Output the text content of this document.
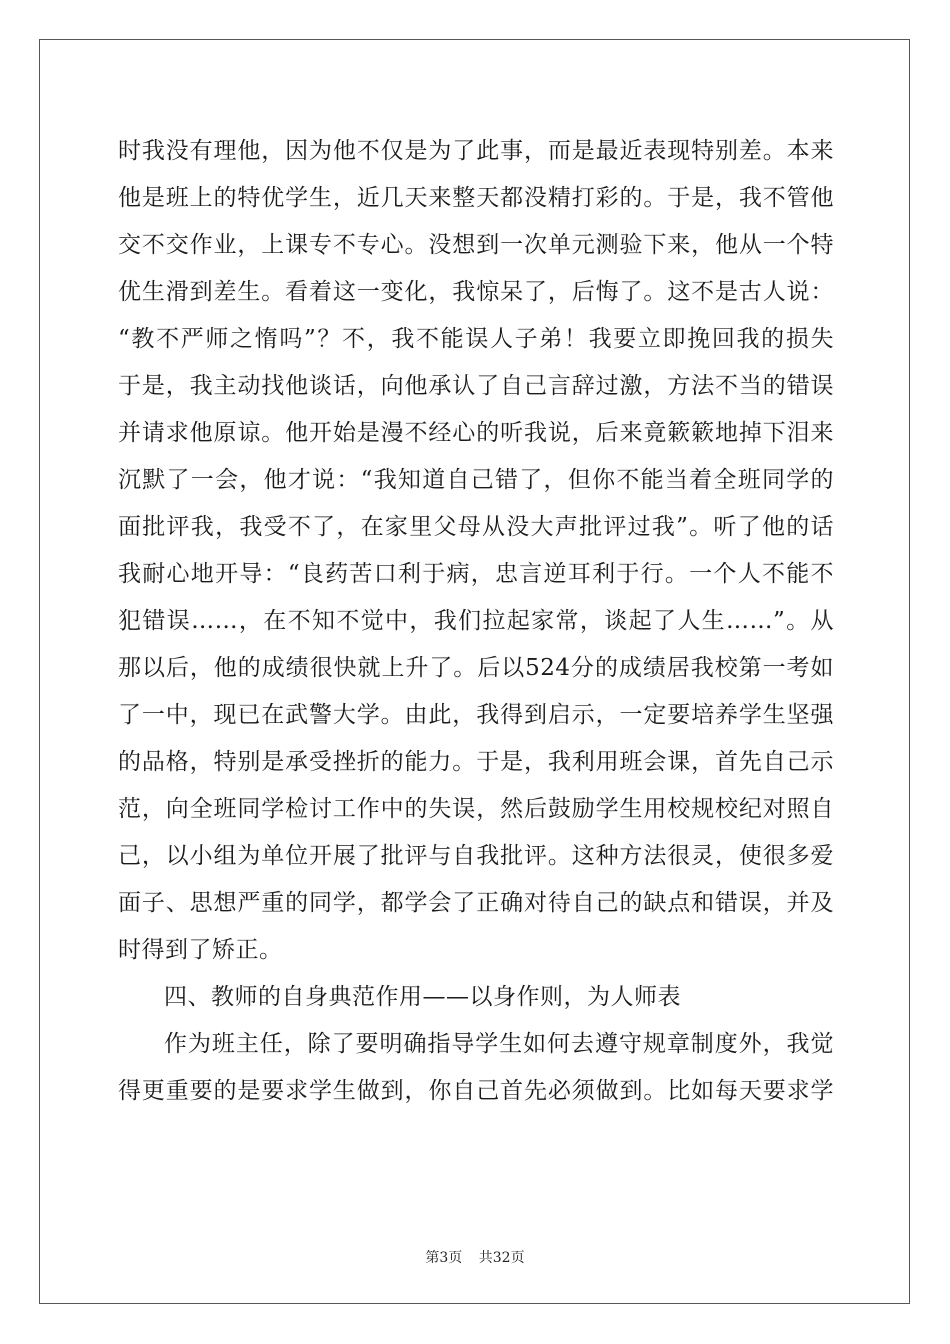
时我没有理他，因为他不仅是为了此事，而是最近表现特别差。本来
他是班上的特优学生，近几天来整天都没精打彩的。于是，我不管他
交不交作业，上课专不专心。没想到一次单元测验下来，他从一个特
优生滑到差生。看着这一变化，我惊呆了，后悔了。这不是古人说：
“教不严师之惰吗”？不，我不能误人子弟！我要立即挽回我的损失
于是，我主动找他谈话，向他承认了自己言辞过激，方法不当的错误
并请求他原谅。他开始是漫不经心的听我说，后来竟簌簌地掉下泪来
沉默了一会，他才说：“我知道自己错了，但你不能当着全班同学的
面批评我，我受不了，在家里父母从没大声批评过我”。听了他的话
我耐心地开导：“良药苦口利于病，忠言逆耳利于行。一个人不能不
犯错误……，在不知不觉中，我们拉起家常，谈起了人生……”。从
那以后，他的成绩很快就上升了。后以524分的成绩居我校第一考如
了一中，现已在武警大学。由此，我得到启示，一定要培养学生坚强
的品格，特别是承受挫折的能力。于是，我利用班会课，首先自己示
范，向全班同学检讨工作中的失误，然后鼓励学生用校规校纪对照自
己，以小组为单位开展了批评与自我批评。这种方法很灵，使很多爱
面子、思想严重的同学，都学会了正确对待自己的缺点和错误，并及
时得到了矫正。
四、教师的自身典范作用——以身作则，为人师表
作为班主任，除了要明确指导学生如何去遵守规章制度外，我觉
得更重要的是要求学生做到，你自己首先必须做到。比如每天要求学
第3页 共32页
